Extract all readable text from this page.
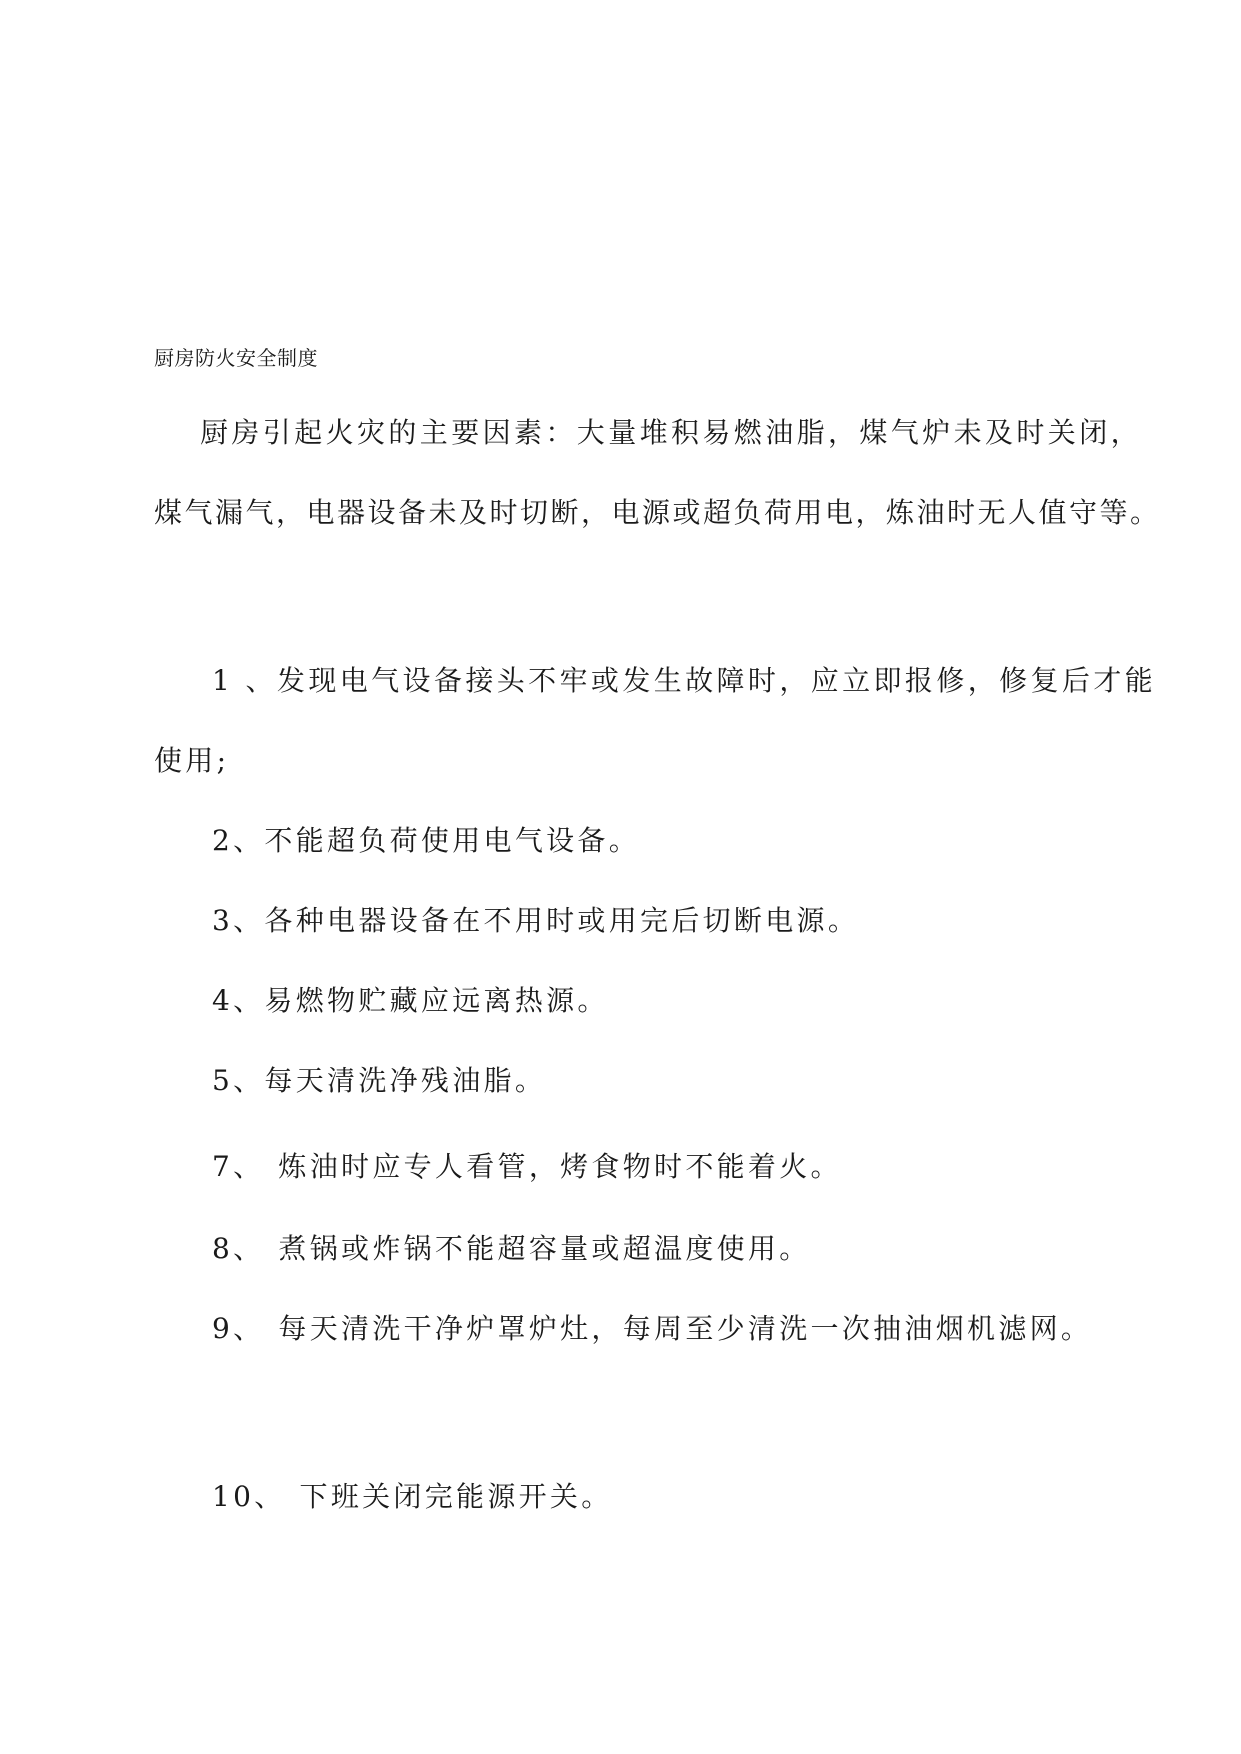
厨房防火安全制度
厨房引起火灾的主要因素：大量堆积易燃油脂，煤气炉未及时关闭，
煤气漏气，电器设备未及时切断，电源或超负荷用电，炼油时无人值守等。
1 、发现电气设备接头不牢或发生故障时，应立即报修，修复后才能
使用;
2、不能超负荷使用电气设备。
3、各种电器设备在不用时或用完后切断电源。
4、易燃物贮藏应远离热源。
5、每天清洗净残油脂。
7、 炼油时应专人看管，烤食物时不能着火。
8、 煮锅或炸锅不能超容量或超温度使用。
9、 每天清洗干净炉罩炉灶，每周至少清洗一次抽油烟机滤网。
10、 下班关闭完能源开关。
